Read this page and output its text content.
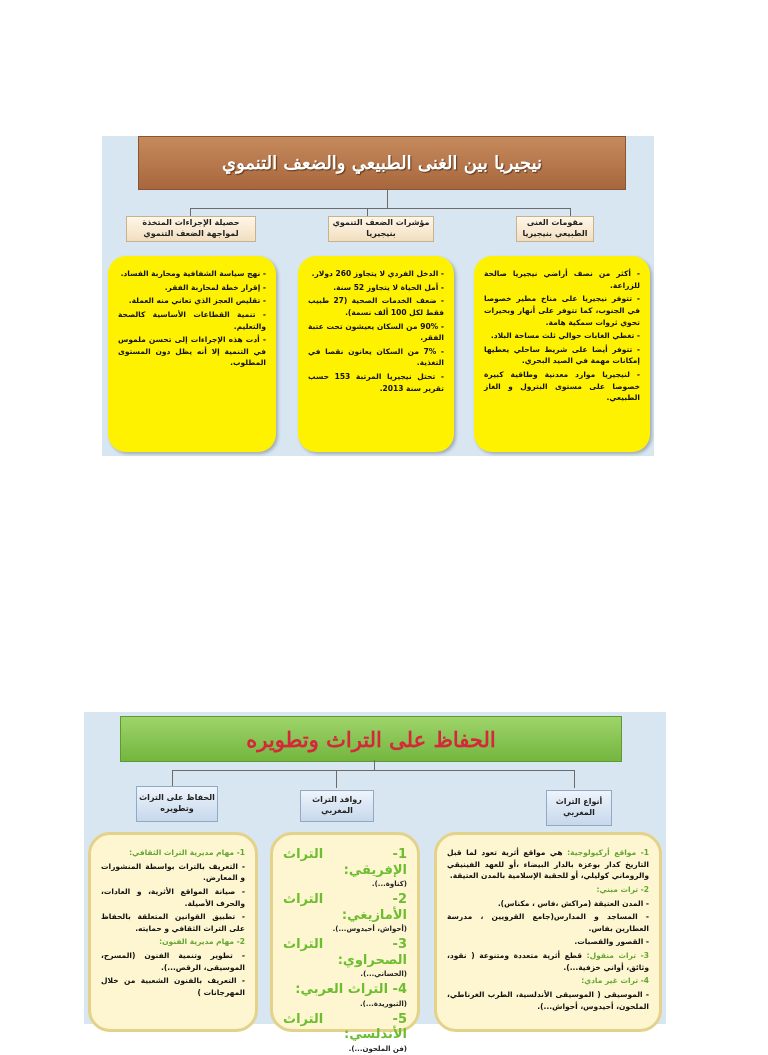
نيجيريا بين الغنى الطبيعي والضعف التنموي
حصيلة الإجراءات المتخذة لمواجهة الضعف التنموي
مؤشرات الضعف التنموي بنيجيريا
مقومات الغنى الطبيعي بنيجيريا

- نهج سياسة الشفافية ومحاربة الفساد.

- إقرار خطة لمحاربة الفقر.

- تقليص العجز الذي تعاني منه العملة.

- تنمية القطاعات الأساسية كالصحة والتعليم.

- أدت هذه الإجراءات إلى تحسن ملموس في التنمية إلا أنه يظل دون المستوى المطلوب.

- الدخل الفردي لا يتجاوز 260 دولار.

- أمل الحياة لا يتجاوز 52 سنة.

- ضعف الخدمات الصحية (27 طبيب فقط لكل 100 ألف نسمة).

- 90% من السكان يعيشون تحت عتبة الفقر.

- 7% من السكان يعانون نقصا في التغذية.

- تحتل نيجيريا المرتبة 153 حسب تقرير سنة 2013.

- أكثر من نصف أراضي نيجيريا صالحة للزراعة.

- تتوفر نيجيريا على مناخ مطير خصوصا في الجنوب، كما تتوفر على أنهار وبحيرات تحوي ثروات سمكية هامة.

- تغطي الغابات حوالي ثلث مساحة البلاد.

- تتوفر أيضا على شريط ساحلي يعطيها إمكانات مهمة في الصيد البحري.

- لنيجيريا موارد معدنية وطاقية كبيرة خصوصا على مستوى البترول و الغاز الطبيعي.

الحفاظ على التراث وتطويره
الحفاظ على التراث وتطويره
روافد التراث المغربي
أنواع التراث المغربي

1- مهام مديرية التراث الثقافي:

- التعريف بالتراث بواسطة المنشورات و المعارض.

- صيانة المواقع الأثرية، و العادات، والحرف الأصيلة.

- تطبيق القوانين المتعلقة بالحفاظ على التراث الثقافي و حمايته.

2- مهام مديرية الفنون:

- تطوير وتنمية الفنون (المسرح، الموسيقى، الرقص...).

- التعريف بالفنون الشعبية من خلال المهرجانات )

1- التراث الإفريقي:
(كناوة...).

2- التراث الأمازيغي:
(أحواش، أحيدوس...).

3- التراث الصحراوي:
(الحساني...).

4- التراث العربي:
(التبوريدة...).

5- التراث الأندلسي:
(فن الملحون...).

1- مواقع أركيولوجية: هي مواقع أثرية تعود لما قبل التاريخ كدار بوعزة بالدار البيضاء ،أو للعهد الفينيقي والروماني كوليلي، أو للحقبة الإسلامية بالمدن العتيقة.

2- تراث مبني:

- المدن العتيقة (مراكش ،فاس ، مكناس).

- المساجد و المدارس(جامع القرويين ، مدرسة العطارين بفاس.

- القصور والقصبات.

3- تراث منقول: قطع أثرية متعددة ومتنوعة ( نقود، وثائق، أواني خزفية...).

4- تراث غير مادي:

- الموسيقى ( الموسيقى الأندلسية، الطرب الغرناطي، الملحون، أحيدوس، أحواش...).
